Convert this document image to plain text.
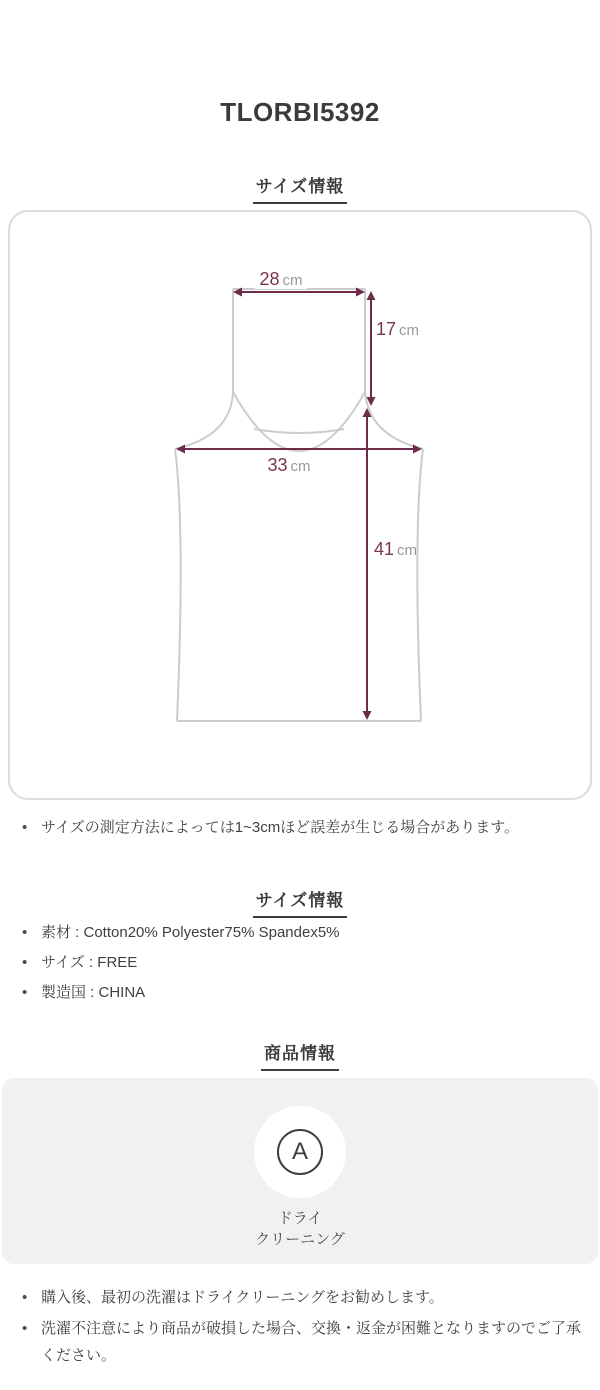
TLORBI5392
サイズ情報
28 cm
17 cm
33 cm
41 cm
• サイズの測定方法によっては1~3cmほど誤差が生じる場合があります。
サイズ情報
• 素材 : Cotton20% Polyester75% Spandex5%
• サイズ : FREE
• 製造国 : CHINA
商品情報
A
ドライ
クリーニング
• 購入後、最初の洗濯はドライクリーニングをお勧めします。
• 洗濯不注意により商品が破損した場合、交換・返金が困難となりますのでご了承ください。
